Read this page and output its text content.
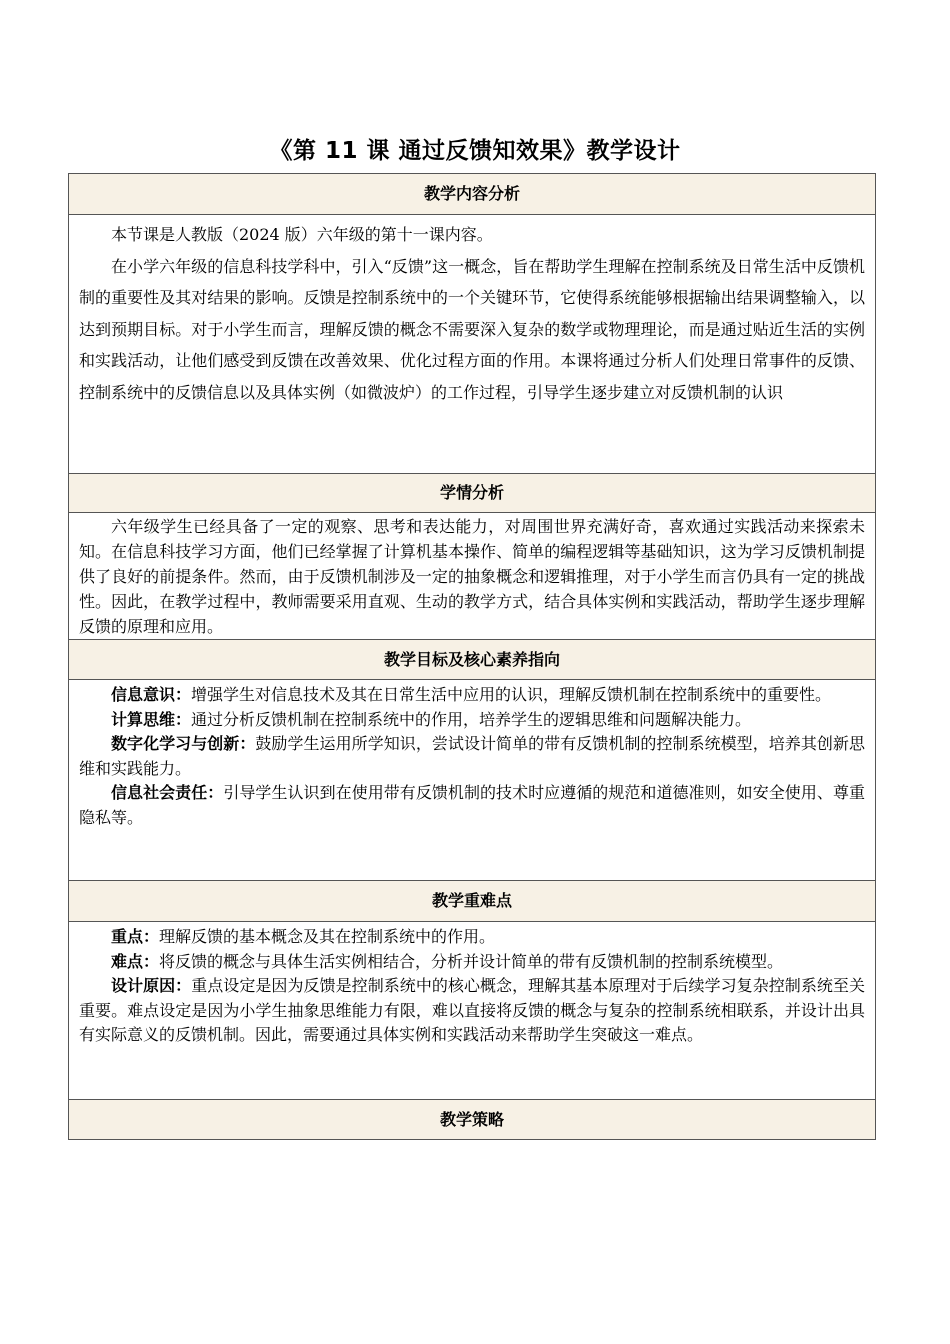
《第 11 课 通过反馈知效果》教学设计
教学内容分析

本节课是人教版（2024 版）六年级的第十一课内容。

在小学六年级的信息科技学科中，引入“反馈”这一概念，旨在帮助学生理解在控制系统及日常生活中反馈机制的重要性及其对结果的影响。反馈是控制系统中的一个关键环节，它使得系统能够根据输出结果调整输入，以达到预期目标。对于小学生而言，理解反馈的概念不需要深入复杂的数学或物理理论，而是通过贴近生活的实例和实践活动，让他们感受到反馈在改善效果、优化过程方面的作用。本课将通过分析人们处理日常事件的反馈、控制系统中的反馈信息以及具体实例（如微波炉）的工作过程，引导学生逐步建立对反馈机制的认识

学情分析

六年级学生已经具备了一定的观察、思考和表达能力，对周围世界充满好奇，喜欢通过实践活动来探索未知。在信息科技学习方面，他们已经掌握了计算机基本操作、简单的编程逻辑等基础知识，这为学习反馈机制提供了良好的前提条件。然而，由于反馈机制涉及一定的抽象概念和逻辑推理，对于小学生而言仍具有一定的挑战性。因此，在教学过程中，教师需要采用直观、生动的教学方式，结合具体实例和实践活动，帮助学生逐步理解反馈的原理和应用。

教学目标及核心素养指向

信息意识：增强学生对信息技术及其在日常生活中应用的认识，理解反馈机制在控制系统中的重要性。

计算思维：通过分析反馈机制在控制系统中的作用，培养学生的逻辑思维和问题解决能力。

数字化学习与创新：鼓励学生运用所学知识，尝试设计简单的带有反馈机制的控制系统模型，培养其创新思维和实践能力。

信息社会责任：引导学生认识到在使用带有反馈机制的技术时应遵循的规范和道德准则，如安全使用、尊重隐私等。

教学重难点

重点：理解反馈的基本概念及其在控制系统中的作用。

难点：将反馈的概念与具体生活实例相结合，分析并设计简单的带有反馈机制的控制系统模型。

设计原因：重点设定是因为反馈是控制系统中的核心概念，理解其基本原理对于后续学习复杂控制系统至关重要。难点设定是因为小学生抽象思维能力有限，难以直接将反馈的概念与复杂的控制系统相联系，并设计出具有实际意义的反馈机制。因此，需要通过具体实例和实践活动来帮助学生突破这一难点。

教学策略
